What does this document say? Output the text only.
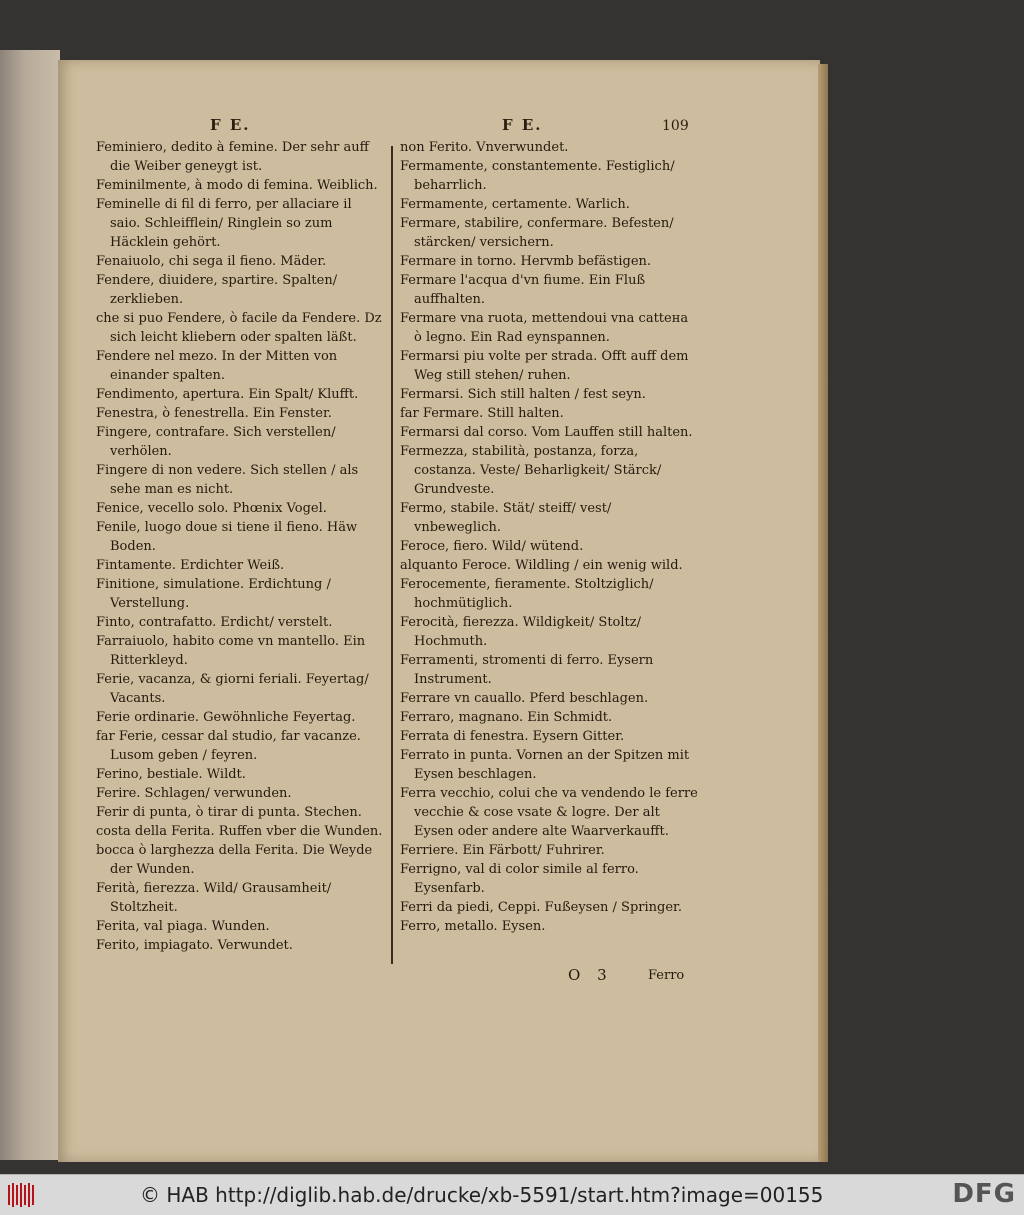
F E.	F E.	109
Feminiero, dedito à femine. Der sehr auff die Weiber geneygt ist.
Feminilmente, à modo di femina. Weiblich.
Feminelle di fil di ferro, per allaciare il saio. Schleifflein/ Ringlein so zum Häcklein gehört.
Fenaiuolo, chi sega il fieno. Mäder.
Fendere, diuidere, spartire. Spalten/ zerklieben.
che si puo Fendere, ò facile da Fendere. Dz sich leicht kliebern oder spalten läßt.
Fendere nel mezo. In der Mitten von einander spalten.
Fendimento, apertura. Ein Spalt/ Klufft.
Fenestra, ò fenestrella. Ein Fenster.
Fingere, contrafare. Sich verstellen/ verhölen.
Fingere di non vedere. Sich stellen / als sehe man es nicht.
Fenice, vecello solo. Phœnix Vogel.
Fenile, luogo doue si tiene il fieno. Häw Boden.
Fintamente. Erdichter Weiß.
Finitione, simulatione. Erdichtung / Verstellung.
Finto, contrafatto. Erdicht/ verstelt.
Farraiuolo, habito come vn mantello. Ein Ritterkleyd.
Ferie, vacanza, & giorni feriali. Feyertag/ Vacants.
Ferie ordinarie. Gewöhnliche Feyertag.
far Ferie, cessar dal studio, far vacanze. Lusom geben / feyren.
Ferino, bestiale. Wildt.
Ferire. Schlagen/ verwunden.
Ferir di punta, ò tirar di punta. Stechen.
costa della Ferita. Ruffen vber die Wunden.
bocca ò larghezza della Ferita. Die Weyde der Wunden.
Ferità, fierezza. Wild/ Grausamheit/ Stoltzheit.
Ferita, val piaga. Wunden.
Ferito, impiagato. Verwundet.
non Ferito. Vnverwundet.
Fermamente, constantemente. Festiglich/ beharrlich.
Fermamente, certamente. Warlich.
Fermare, stabilire, confermare. Befesten/ stärcken/ versichern.
Fermare in torno. Hervmb befästigen.
Fermare l'acqua d'vn fiume. Ein Fluß auffhalten.
Fermare vna ruota, mettendoui vna catteна ò legno. Ein Rad eynspannen.
Fermarsi piu volte per strada. Offt auff dem Weg still stehen/ ruhen.
Fermarsi. Sich still halten / fest seyn.
far Fermare. Still halten.
Fermarsi dal corso. Vom Lauffen still halten.
Fermezza, stabilità, postanza, forza, costanza. Veste/ Beharligkeit/ Stärck/ Grundveste.
Fermo, stabile. Stät/ steiff/ vest/ vnbeweglich.
Feroce, fiero. Wild/ wütend.
alquanto Feroce. Wildling / ein wenig wild.
Ferocemente, fieramente. Stoltziglich/ hochmütiglich.
Ferocità, fierezza. Wildigkeit/ Stoltz/ Hochmuth.
Ferramenti, stromenti di ferro. Eysern Instrument.
Ferrare vn cauallo. Pferd beschlagen.
Ferraro, magnano. Ein Schmidt.
Ferrata di fenestra. Eysern Gitter.
Ferrato in punta. Vornen an der Spitzen mit Eysen beschlagen.
Ferra vecchio, colui che va vendendo le ferre vecchie & cose vsate & logre. Der alt Eysen oder andere alte Waarverkaufft.
Ferriere. Ein Färbott/ Fuhrirer.
Ferrigno, val di color simile al ferro. Eysenfarb.
Ferri da piedi, Ceppi. Fußeysen / Springer.
Ferro, metallo. Eysen.
O 3	Ferro
© HAB http://diglib.hab.de/drucke/xb-5591/start.htm?image=00155	DFG
